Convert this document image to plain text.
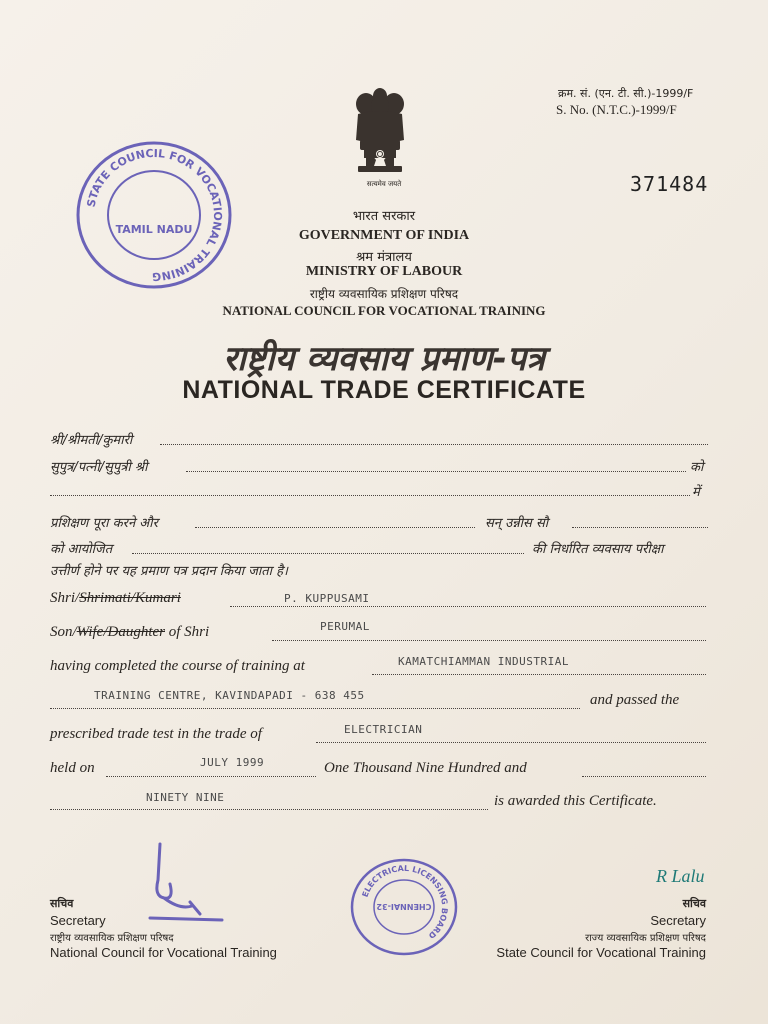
क्रम. सं. (एन. टी. सी.)-1999/F
S. No. (N.T.C.)-1999/F
371484
सत्यमेव जयते
STATE COUNCIL FOR VOCATIONAL TRAINING
TAMIL NADU
भारत सरकार
GOVERNMENT OF INDIA
श्रम मंत्रालय
MINISTRY OF LABOUR
राष्ट्रीय व्यवसायिक प्रशिक्षण परिषद
NATIONAL COUNCIL FOR VOCATIONAL TRAINING
राष्ट्रीय व्यवसाय प्रमाण-पत्र
NATIONAL TRADE CERTIFICATE
श्री/श्रीमती/कुमारी
सुपुत्र/पत्नी/सुपुत्री श्री	को
में
प्रशिक्षण पूरा करने और	सन् उन्नीस सौ
को आयोजित	की निर्धारित व्यवसाय परीक्षा
उत्तीर्ण होने पर यह प्रमाण पत्र प्रदान किया जाता है।
Shri/Shrimati/Kumari	P. KUPPUSAMI
Son/Wife/Daughter of Shri	PERUMAL
having completed the course of training at	KAMATCHIAMMAN INDUSTRIAL
TRAINING CENTRE, KAVINDAPADI - 638 455	and passed the
prescribed trade test in the trade of	ELECTRICIAN
held on	JULY 1999	One Thousand Nine Hundred and
NINETY NINE	is awarded this Certificate.
ELECTRICAL LICENSING BOARD
CHENNAI-32
सचिव
Secretary
राष्ट्रीय व्यवसायिक प्रशिक्षण परिषद
National Council for Vocational Training
R Lalu
सचिव
Secretary
राज्य व्यवसायिक प्रशिक्षण परिषद
State Council for Vocational Training
